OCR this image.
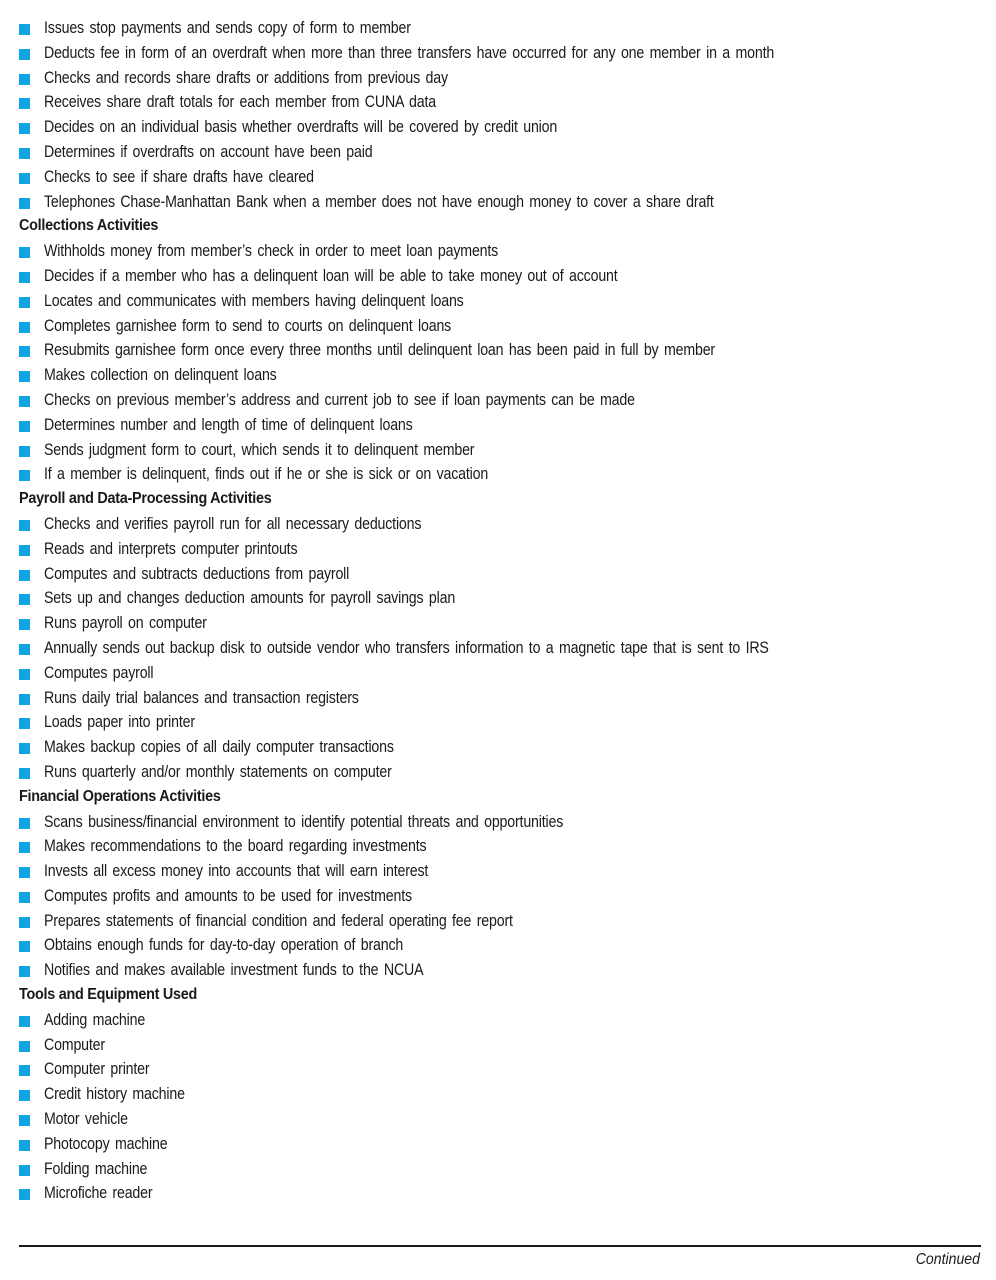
Issues stop payments and sends copy of form to member
Deducts fee in form of an overdraft when more than three transfers have occurred for any one member in a month
Checks and records share drafts or additions from previous day
Receives share draft totals for each member from CUNA data
Decides on an individual basis whether overdrafts will be covered by credit union
Determines if overdrafts on account have been paid
Checks to see if share drafts have cleared
Telephones Chase-Manhattan Bank when a member does not have enough money to cover a share draft
Collections Activities
Withholds money from member’s check in order to meet loan payments
Decides if a member who has a delinquent loan will be able to take money out of account
Locates and communicates with members having delinquent loans
Completes garnishee form to send to courts on delinquent loans
Resubmits garnishee form once every three months until delinquent loan has been paid in full by member
Makes collection on delinquent loans
Checks on previous member’s address and current job to see if loan payments can be made
Determines number and length of time of delinquent loans
Sends judgment form to court, which sends it to delinquent member
If a member is delinquent, finds out if he or she is sick or on vacation
Payroll and Data-Processing Activities
Checks and verifies payroll run for all necessary deductions
Reads and interprets computer printouts
Computes and subtracts deductions from payroll
Sets up and changes deduction amounts for payroll savings plan
Runs payroll on computer
Annually sends out backup disk to outside vendor who transfers information to a magnetic tape that is sent to IRS
Computes payroll
Runs daily trial balances and transaction registers
Loads paper into printer
Makes backup copies of all daily computer transactions
Runs quarterly and/or monthly statements on computer
Financial Operations Activities
Scans business/financial environment to identify potential threats and opportunities
Makes recommendations to the board regarding investments
Invests all excess money into accounts that will earn interest
Computes profits and amounts to be used for investments
Prepares statements of financial condition and federal operating fee report
Obtains enough funds for day-to-day operation of branch
Notifies and makes available investment funds to the NCUA
Tools and Equipment Used
Adding machine
Computer
Computer printer
Credit history machine
Motor vehicle
Photocopy machine
Folding machine
Microfiche reader
Continued
